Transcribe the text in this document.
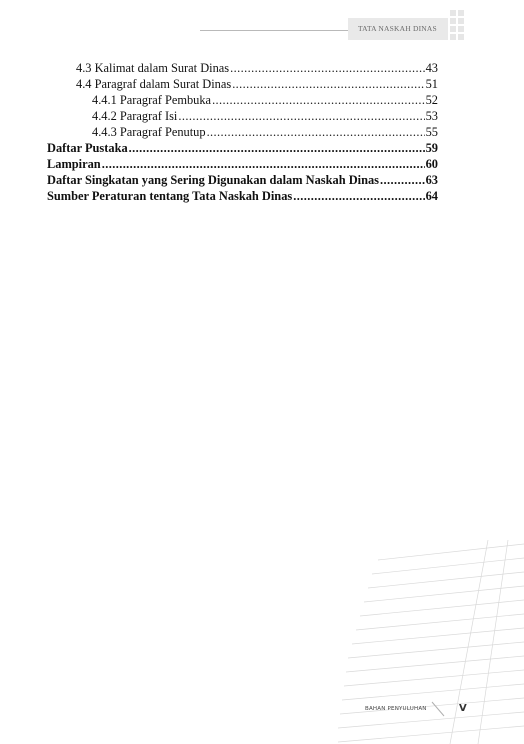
TATA NASKAH DINAS
4.3 Kalimat dalam Surat Dinas .....	43
4.4 Paragraf dalam Surat Dinas .....	51
4.4.1 Paragraf Pembuka .....	52
4.4.2 Paragraf Isi .....	53
4.4.3 Paragraf Penutup .....	55
Daftar Pustaka .....	59
Lampiran .....	60
Daftar Singkatan yang Sering Digunakan dalam Naskah Dinas .....	63
Sumber Peraturan tentang Tata Naskah Dinas .....	64
BAHAN PENYULUHAN	V
